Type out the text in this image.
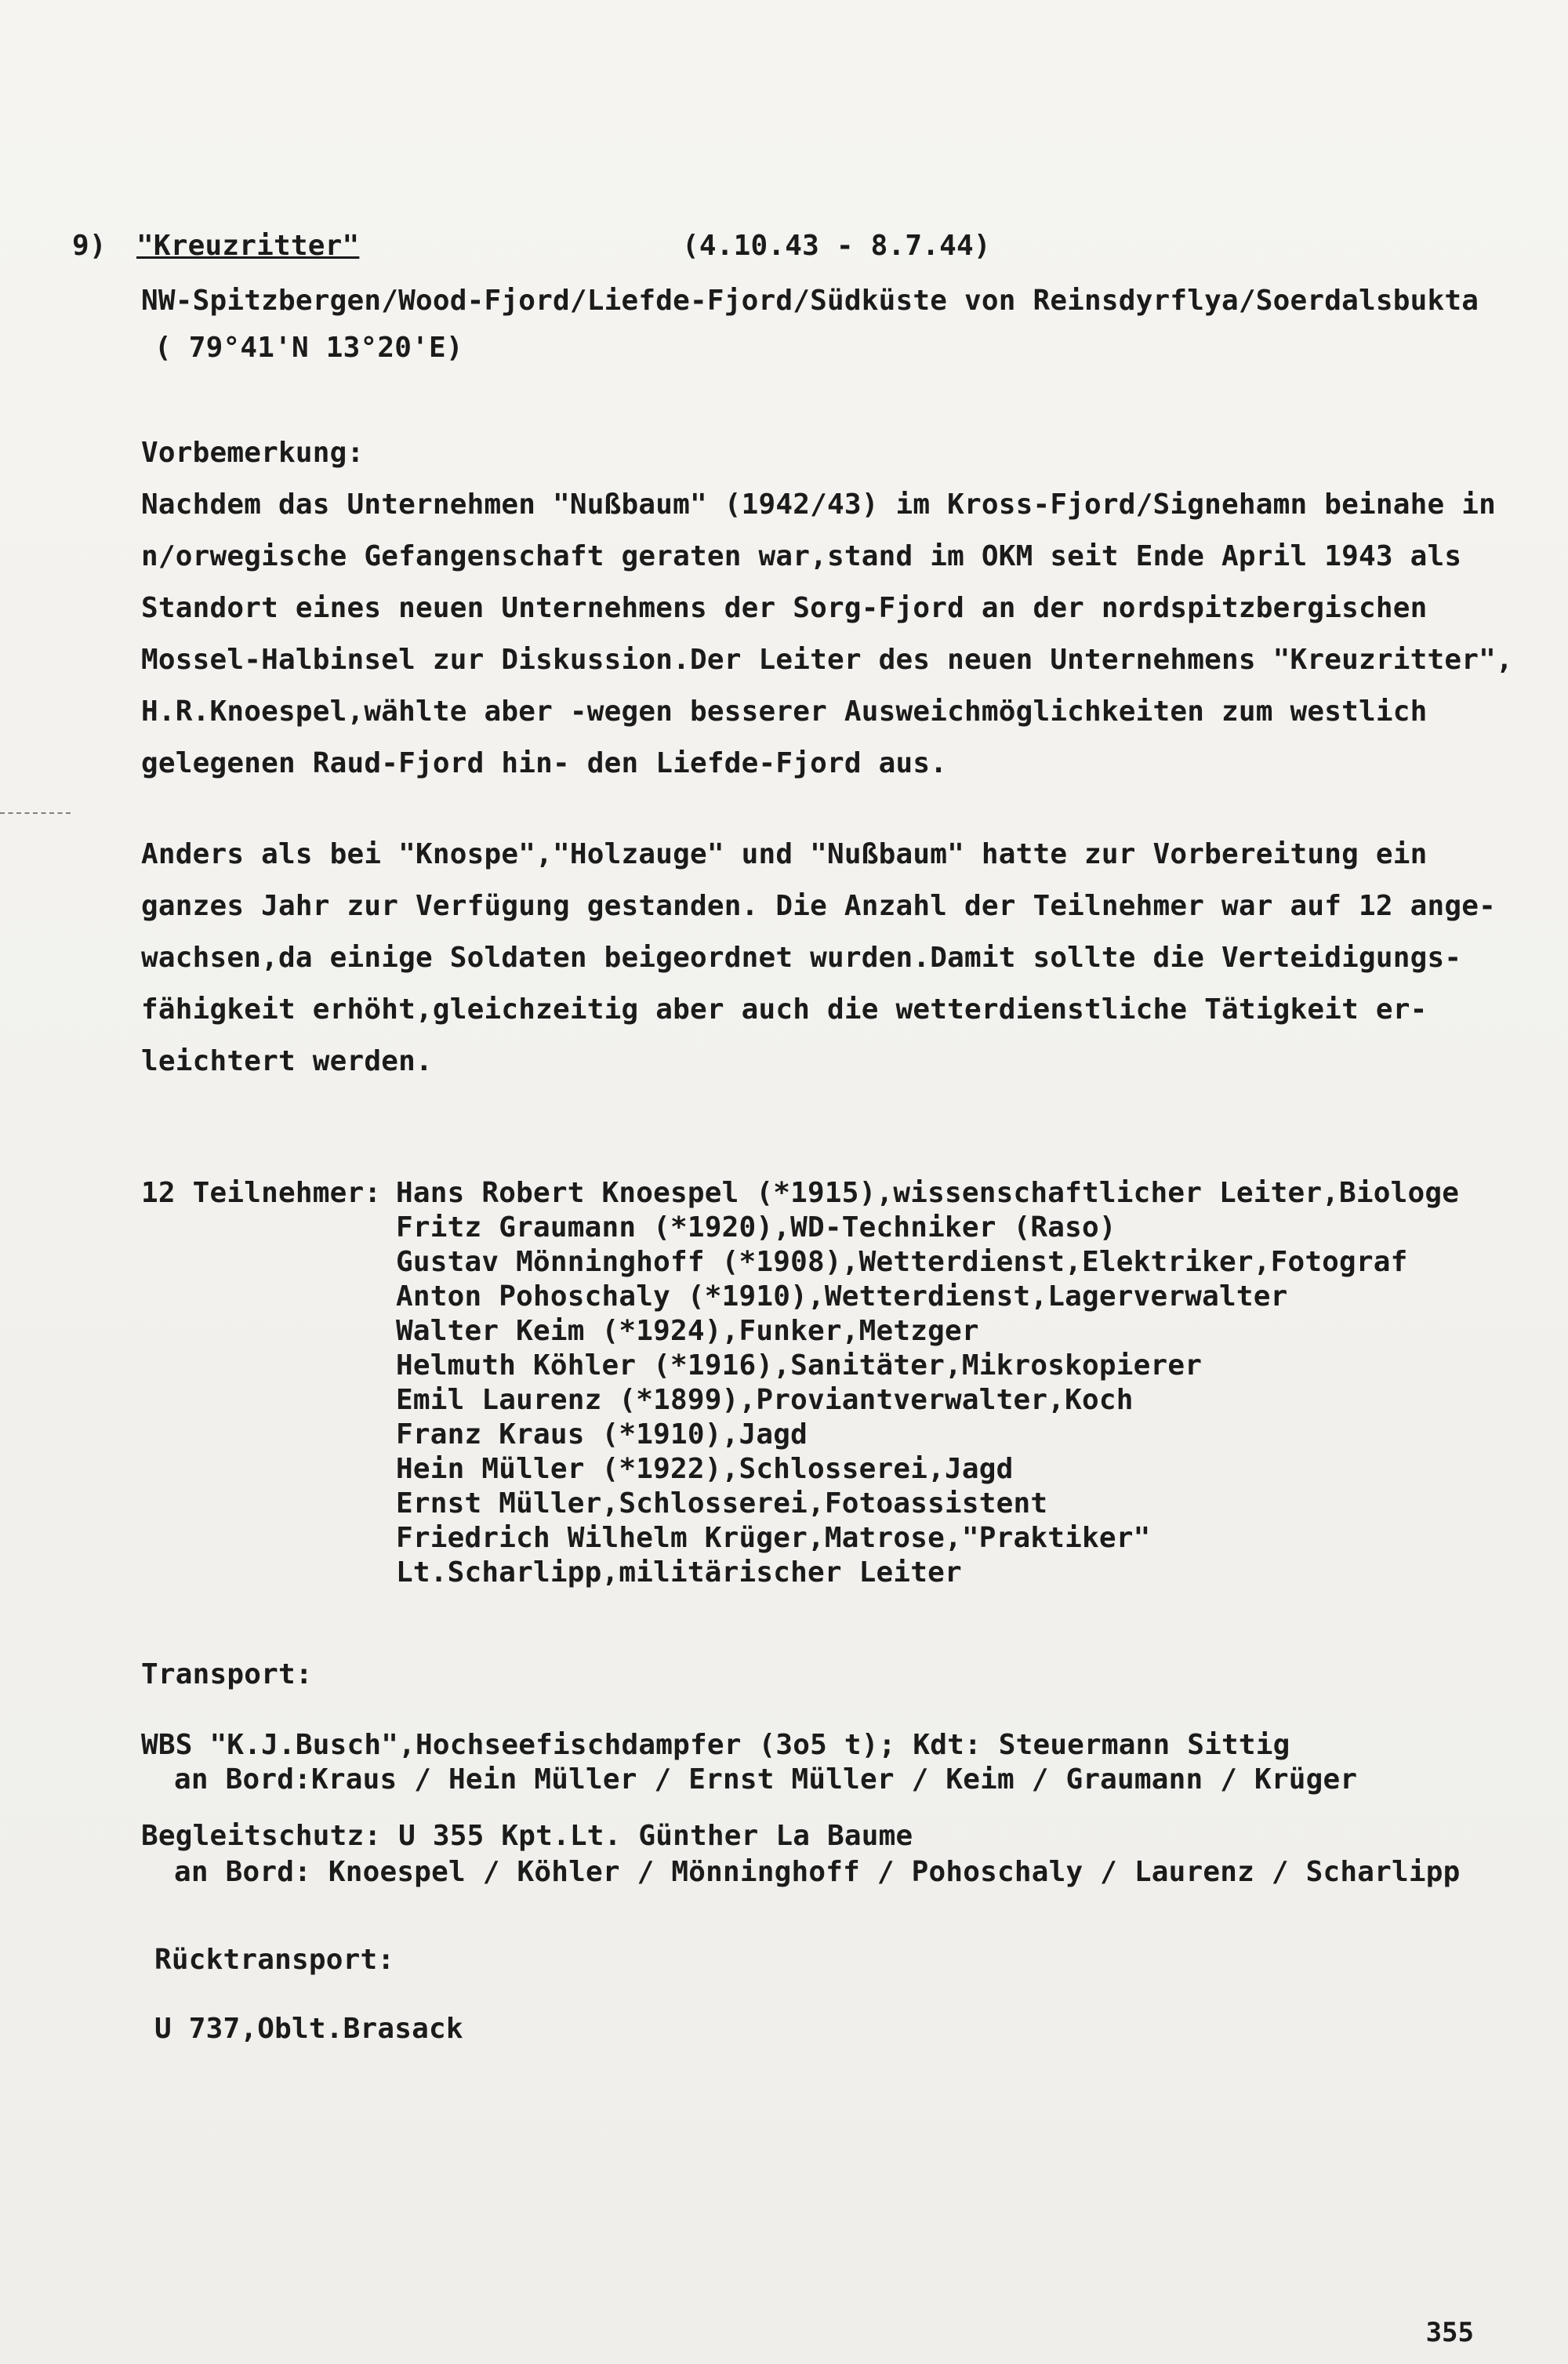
9) "Kreuzritter"	(4.10.43 - 8.7.44)
NW-Spitzbergen/Wood-Fjord/Liefde-Fjord/Südküste von Reinsdyrflya/Soerdalsbukta
( 79°41'N 13°20'E)
Vorbemerkung:
Nachdem das Unternehmen "Nußbaum" (1942/43) im Kross-Fjord/Signehamn beinahe in
n/orwegische Gefangenschaft geraten war,stand im OKM seit Ende April 1943 als
Standort eines neuen Unternehmens der Sorg-Fjord an der nordspitzbergischen
Mossel-Halbinsel zur Diskussion.Der Leiter des neuen Unternehmens "Kreuzritter",
H.R.Knoespel,wählte aber -wegen besserer Ausweichmöglichkeiten zum westlich
gelegenen Raud-Fjord hin- den Liefde-Fjord aus.
Anders als bei "Knospe","Holzauge" und "Nußbaum" hatte zur Vorbereitung ein
ganzes Jahr zur Verfügung gestanden. Die Anzahl der Teilnehmer war auf 12 ange-
wachsen,da einige Soldaten beigeordnet wurden.Damit sollte die Verteidigungs-
fähigkeit erhöht,gleichzeitig aber auch die wetterdienstliche Tätigkeit er-
leichtert werden.
12 Teilnehmer: Hans Robert Knoespel (*1915),wissenschaftlicher Leiter,Biologe
Fritz Graumann (*1920),WD-Techniker (Raso)
Gustav Mönninghoff (*1908),Wetterdienst,Elektriker,Fotograf
Anton Pohoschaly (*1910),Wetterdienst,Lagerverwalter
Walter Keim (*1924),Funker,Metzger
Helmuth Köhler (*1916),Sanitäter,Mikroskopierer
Emil Laurenz (*1899),Proviantverwalter,Koch
Franz Kraus (*1910),Jagd
Hein Müller (*1922),Schlosserei,Jagd
Ernst Müller,Schlosserei,Fotoassistent
Friedrich Wilhelm Krüger,Matrose,"Praktiker"
Lt.Scharlipp,militärischer Leiter
Transport:
WBS "K.J.Busch",Hochseefischdampfer (3o5 t); Kdt: Steuermann Sittig
an Bord:Kraus / Hein Müller / Ernst Müller / Keim / Graumann / Krüger
Begleitschutz: U 355 Kpt.Lt. Günther La Baume
an Bord: Knoespel / Köhler / Mönninghoff / Pohoschaly / Laurenz / Scharlipp
Rücktransport:
U 737,Oblt.Brasack
355
